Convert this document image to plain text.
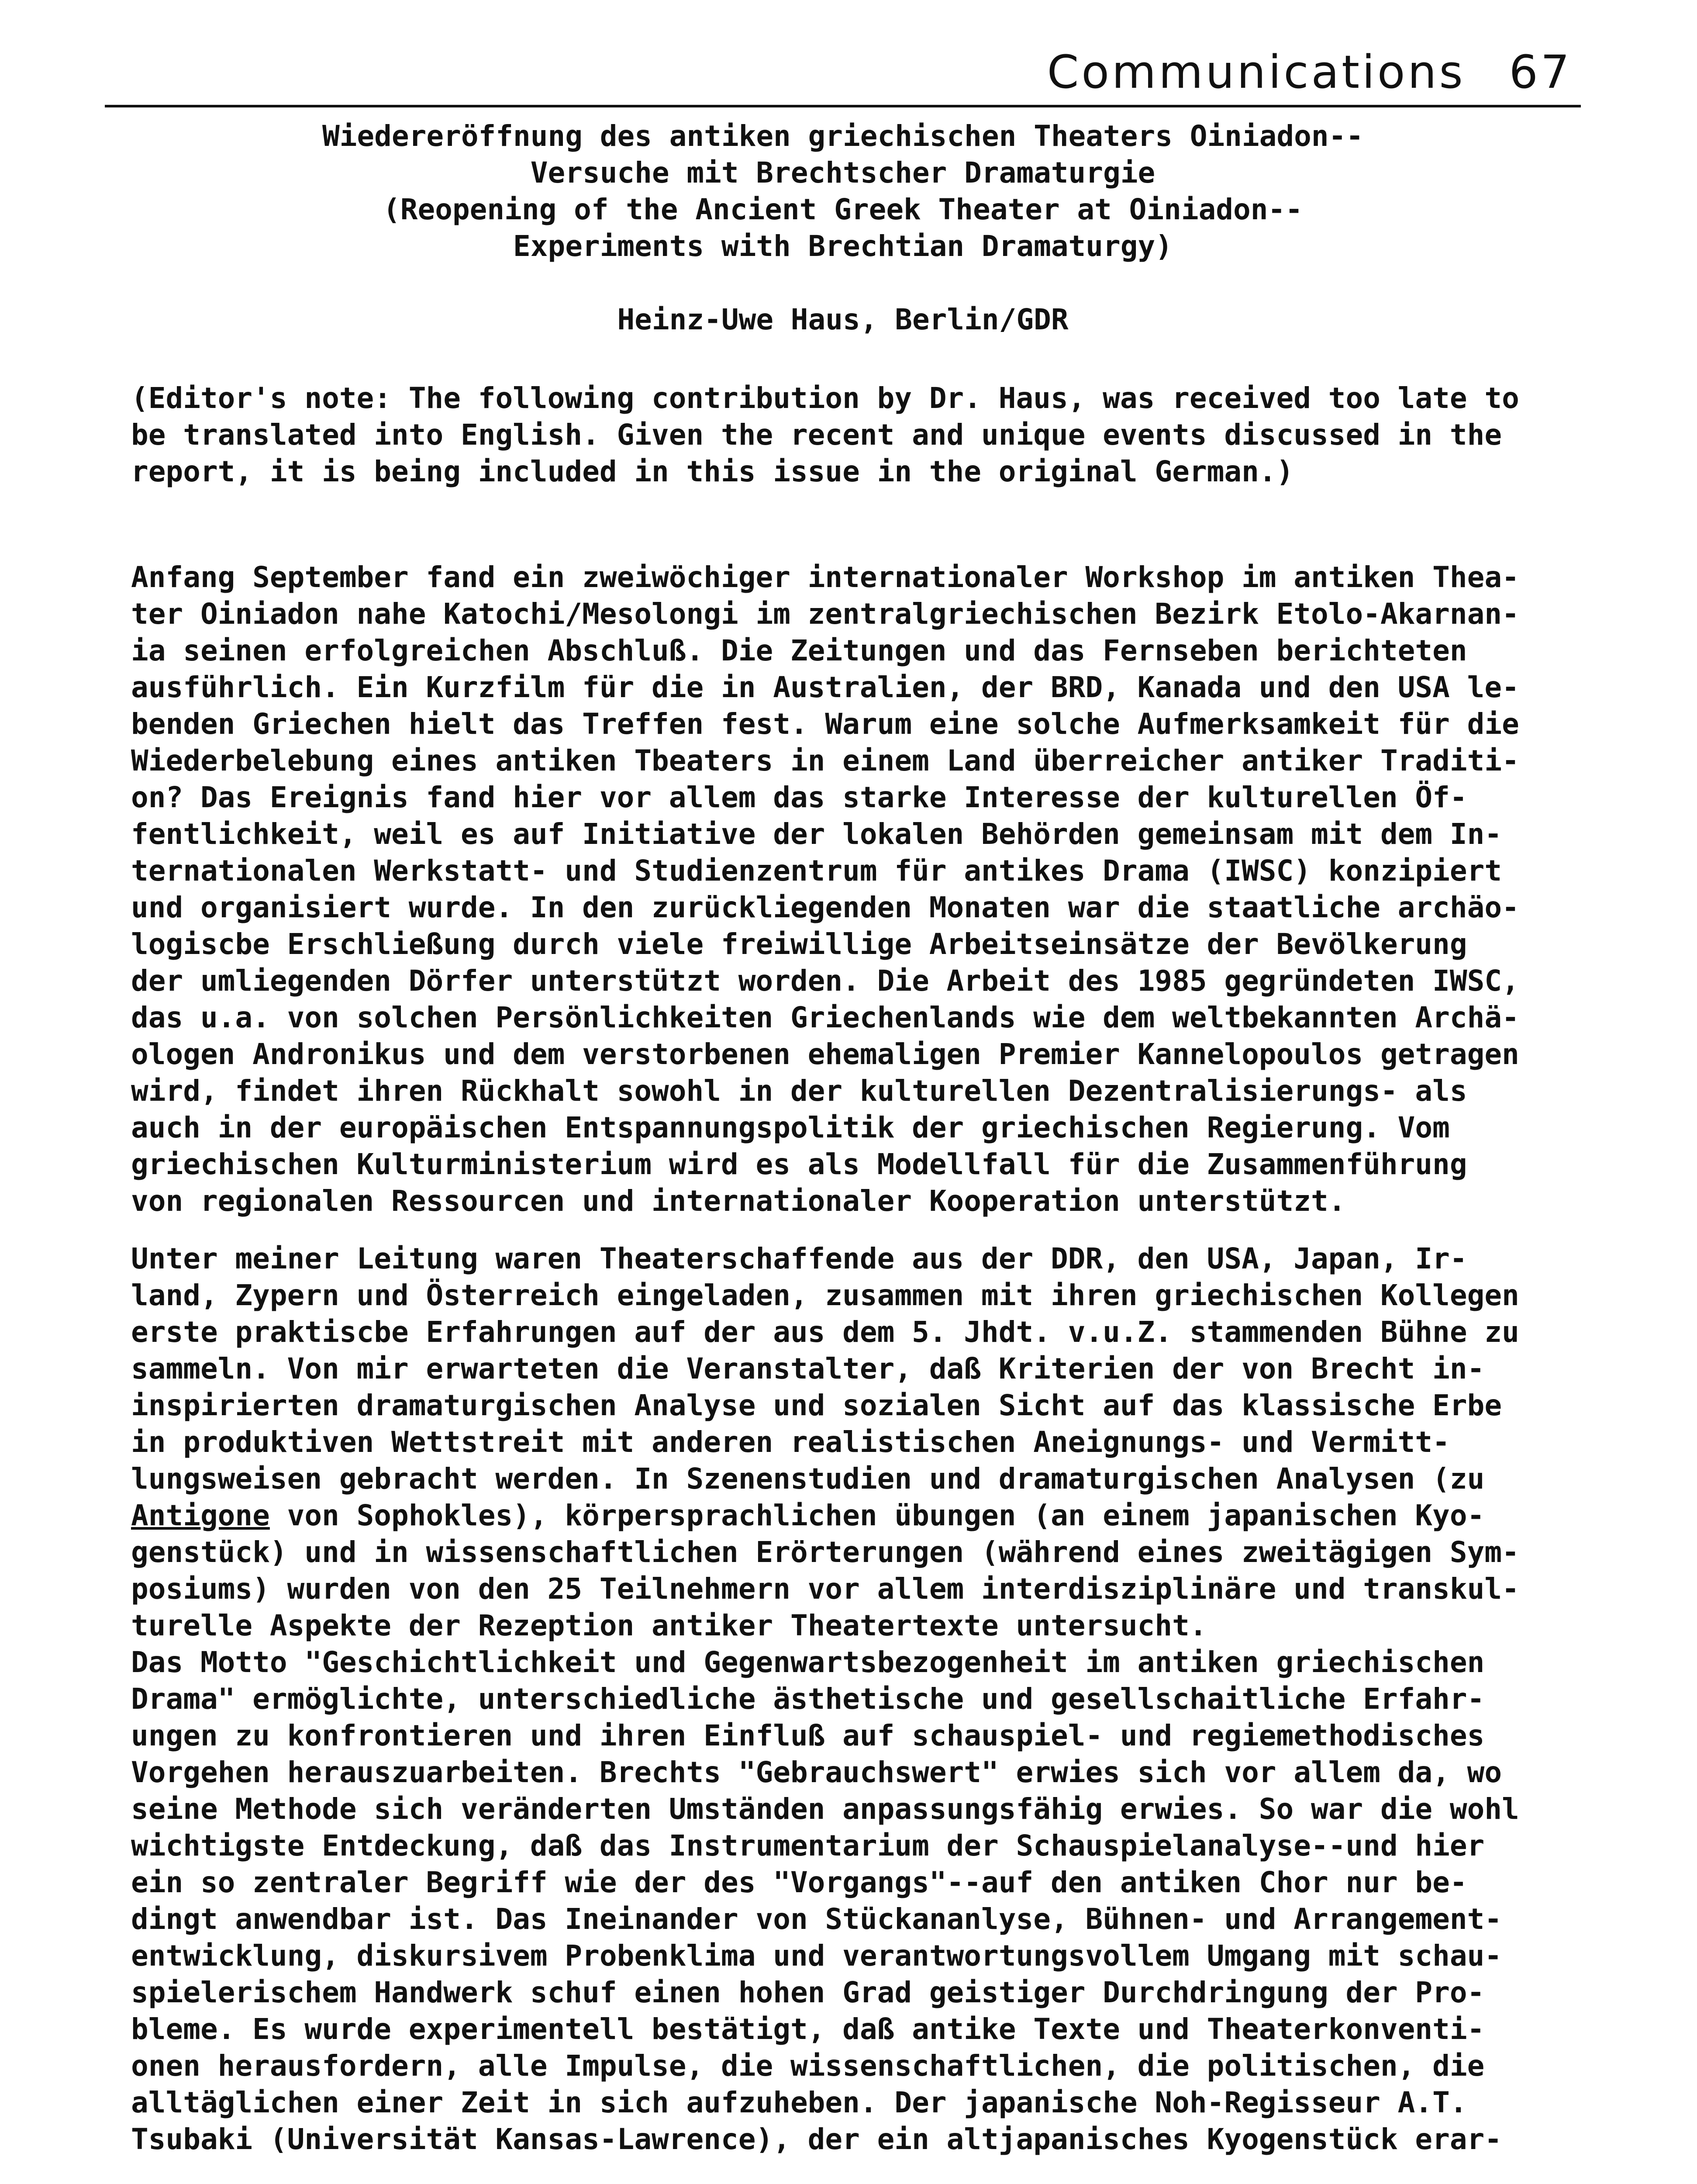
Communications 67
Wiedereröffnung des antiken griechischen Theaters Oiniadon--
Versuche mit Brechtscher Dramaturgie
(Reopening of the Ancient Greek Theater at Oiniadon--
Experiments with Brechtian Dramaturgy)
Heinz-Uwe Haus, Berlin/GDR
(Editor's note: The following contribution by Dr. Haus, was received too late to
be translated into English. Given the recent and unique events discussed in the
report, it is being included in this issue in the original German.)
Anfang September fand ein zweiwöchiger internationaler Workshop im antiken Thea-
ter Oiniadon nahe Katochi/Mesolongi im zentralgriechischen Bezirk Etolo-Akarnan-
ia seinen erfolgreichen Abschluß. Die Zeitungen und das Fernseben berichteten
ausführlich. Ein Kurzfilm für die in Australien, der BRD, Kanada und den USA le-
benden Griechen hielt das Treffen fest. Warum eine solche Aufmerksamkeit für die
Wiederbelebung eines antiken Tbeaters in einem Land überreicher antiker Traditi-
on? Das Ereignis fand hier vor allem das starke Interesse der kulturellen Öf-
fentlichkeit, weil es auf Initiative der lokalen Behörden gemeinsam mit dem In-
ternationalen Werkstatt- und Studienzentrum für antikes Drama (IWSC) konzipiert
und organisiert wurde. In den zurückliegenden Monaten war die staatliche archäo-
logiscbe Erschließung durch viele freiwillige Arbeitseinsätze der Bevölkerung
der umliegenden Dörfer unterstützt worden. Die Arbeit des 1985 gegründeten IWSC,
das u.a. von solchen Persönlichkeiten Griechenlands wie dem weltbekannten Archä-
ologen Andronikus und dem verstorbenen ehemaligen Premier Kannelopoulos getragen
wird, findet ihren Rückhalt sowohl in der kulturellen Dezentralisierungs- als
auch in der europäischen Entspannungspolitik der griechischen Regierung. Vom
griechischen Kulturministerium wird es als Modellfall für die Zusammenführung
von regionalen Ressourcen und internationaler Kooperation unterstützt.
Unter meiner Leitung waren Theaterschaffende aus der DDR, den USA, Japan, Ir-
land, Zypern und Österreich eingeladen, zusammen mit ihren griechischen Kollegen
erste praktiscbe Erfahrungen auf der aus dem 5. Jhdt. v.u.Z. stammenden Bühne zu
sammeln. Von mir erwarteten die Veranstalter, daß Kriterien der von Brecht in-
inspirierten dramaturgischen Analyse und sozialen Sicht auf das klassische Erbe
in produktiven Wettstreit mit anderen realistischen Aneignungs- und Vermitt-
lungsweisen gebracht werden. In Szenenstudien und dramaturgischen Analysen (zu
Antigone von Sophokles), körpersprachlichen übungen (an einem japanischen Kyo-
genstück) und in wissenschaftlichen Erörterungen (während eines zweitägigen Sym-
posiums) wurden von den 25 Teilnehmern vor allem interdisziplinäre und transkul-
turelle Aspekte der Rezeption antiker Theatertexte untersucht.
Das Motto "Geschichtlichkeit und Gegenwartsbezogenheit im antiken griechischen
Drama" ermöglichte, unterschiedliche ästhetische und gesellschaitliche Erfahr-
ungen zu konfrontieren und ihren Einfluß auf schauspiel- und regiemethodisches
Vorgehen herauszuarbeiten. Brechts "Gebrauchswert" erwies sich vor allem da, wo
seine Methode sich veränderten Umständen anpassungsfähig erwies. So war die wohl
wichtigste Entdeckung, daß das Instrumentarium der Schauspielanalyse--und hier
ein so zentraler Begriff wie der des "Vorgangs"--auf den antiken Chor nur be-
dingt anwendbar ist. Das Ineinander von Stückananlyse, Bühnen- und Arrangement-
entwicklung, diskursivem Probenklima und verantwortungsvollem Umgang mit schau-
spielerischem Handwerk schuf einen hohen Grad geistiger Durchdringung der Pro-
bleme. Es wurde experimentell bestätigt, daß antike Texte und Theaterkonventi-
onen herausfordern, alle Impulse, die wissenschaftlichen, die politischen, die
alltäglichen einer Zeit in sich aufzuheben. Der japanische Noh-Regisseur A.T.
Tsubaki (Universität Kansas-Lawrence), der ein altjapanisches Kyogenstück erar-
